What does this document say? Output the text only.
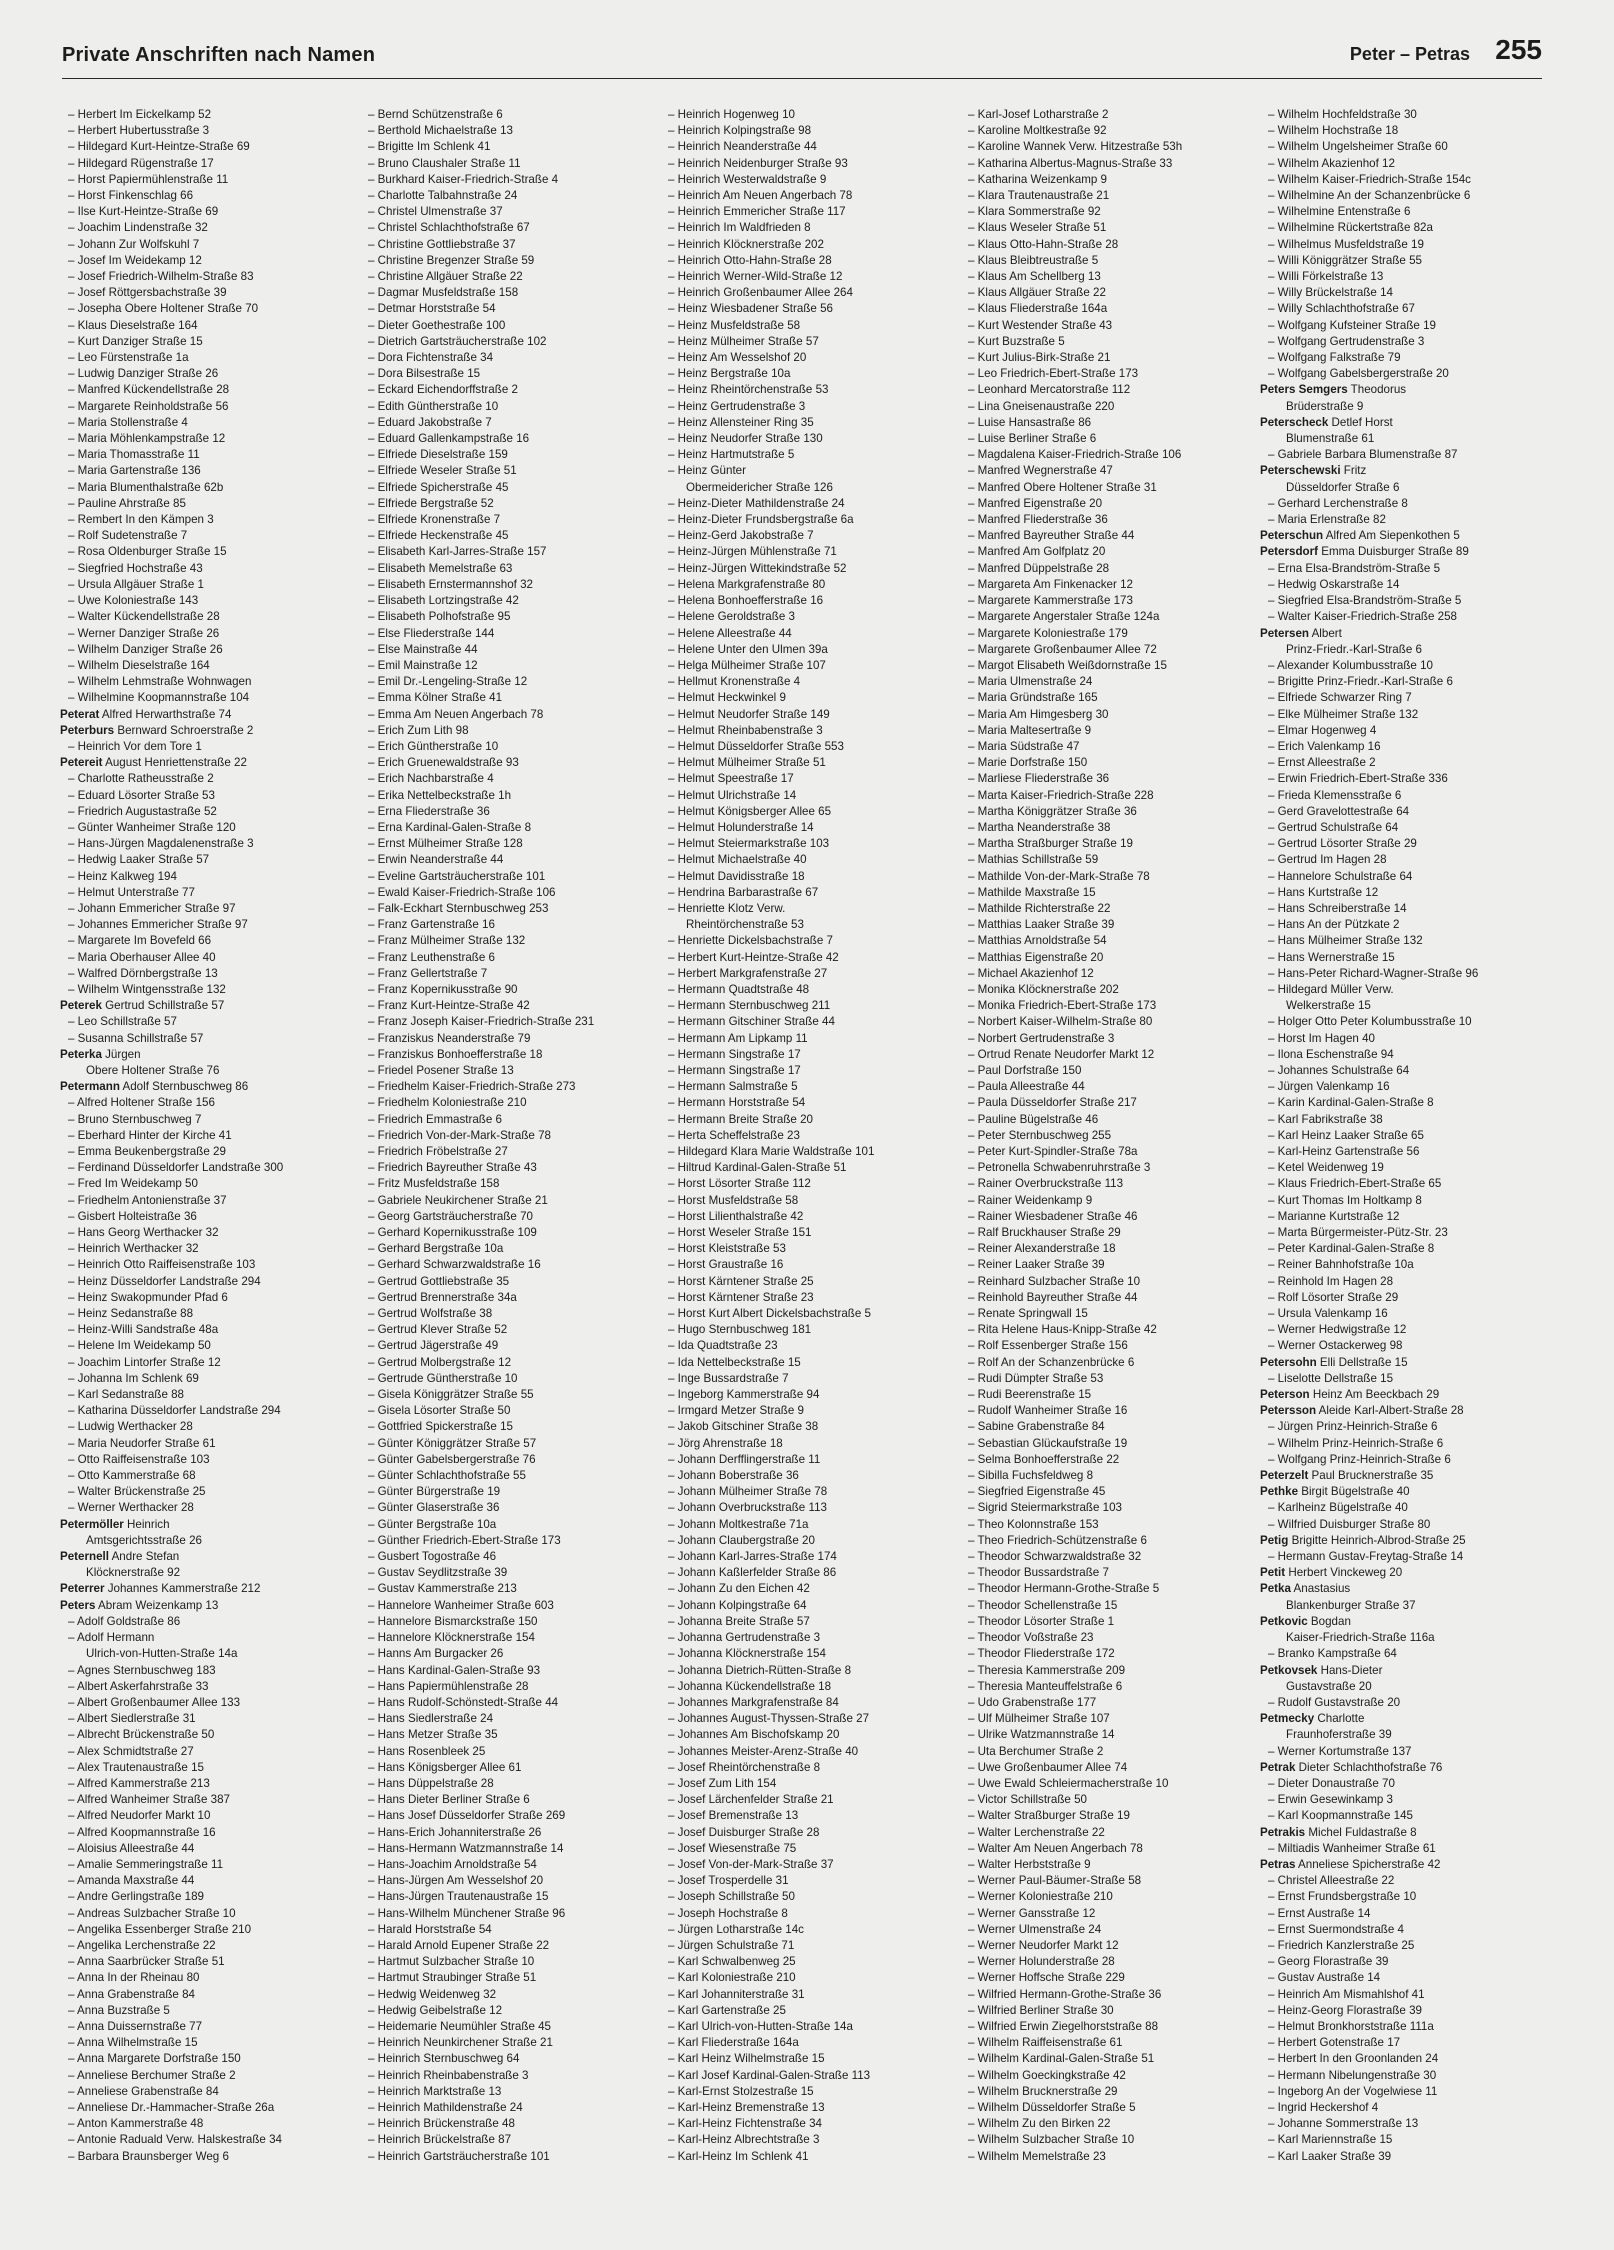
Private Anschriften nach Namen	Peter – Petras 255
– Herbert Im Eickelkamp 52
– Herbert Hubertusstraße 3
– Hildegard Kurt-Heintze-Straße 69
– Hildegard Rügenstraße 17
– Horst Papiermühlenstraße 11
– Horst Finkenschlag 66
– Ilse Kurt-Heintze-Straße 69
– Joachim Lindenstraße 32
– Johann Zur Wolfskuhl 7
– Josef Im Weidekamp 12
– Josef Friedrich-Wilhelm-Straße 83
– Josef Röttgersbachstraße 39
– Josepha Obere Holtener Straße 70
– Klaus Dieselstraße 164
– Kurt Danziger Straße 15
– Leo Fürstenstraße 1a
– Ludwig Danziger Straße 26
– Manfred Kückendellstraße 28
– Margarete Reinholdstraße 56
– Maria Stollenstraße 4
– Maria Möhlenkampstraße 12
– Maria Thomasstraße 11
– Maria Gartenstraße 136
– Maria Blumenthalstraße 62b
– Pauline Ahrstraße 85
– Rembert In den Kämpen 3
– Rolf Sudetenstraße 7
– Rosa Oldenburger Straße 15
– Siegfried Hochstraße 43
– Ursula Allgäuer Straße 1
– Uwe Koloniestraße 143
– Walter Kückendellstraße 28
– Werner Danziger Straße 26
– Wilhelm Danziger Straße 26
– Wilhelm Dieselstraße 164
– Wilhelm Lehmstraße Wohnwagen
– Wilhelmine Koopmannstraße 104
Peterat Alfred Herwarthstraße 74
Peterburs Bernward Schroerstraße 2
– Heinrich Vor dem Tore 1
Petereit August Henriettenstraße 22
– Charlotte Ratheusstraße 2
– Eduard Lösorter Straße 53
– Friedrich Augustastraße 52
– Günter Wanheimer Straße 120
– Hans-Jürgen Magdalenenstraße 3
– Hedwig Laaker Straße 57
– Heinz Kalkweg 194
– Helmut Unterstraße 77
– Johann Emmericher Straße 97
– Johannes Emmericher Straße 97
– Margarete Im Bovefeld 66
– Maria Oberhauser Allee 40
– Walfred Dörnbergstraße 13
– Wilhelm Wintgensstraße 132
Peterek Gertrud Schillstraße 57
– Leo Schillstraße 57
– Susanna Schillstraße 57
Peterka Jürgen
Obere Holtener Straße 76
Petermann Adolf Sternbuschweg 86
– Alfred Holtener Straße 156
– Bruno Sternbuschweg 7
– Eberhard Hinter der Kirche 41
– Emma Beukenbergstraße 29
– Ferdinand Düsseldorfer Landstraße 300
– Fred Im Weidekamp 50
– Friedhelm Antonienstraße 37
– Gisbert Holteistraße 36
– Hans Georg Werthacker 32
– Heinrich Werthacker 32
– Heinrich Otto Raiffeisenstraße 103
– Heinz Düsseldorfer Landstraße 294
– Heinz Swakopmunder Pfad 6
– Heinz Sedanstraße 88
– Heinz-Willi Sandstraße 48a
– Helene Im Weidekamp 50
– Joachim Lintorfer Straße 12
– Johanna Im Schlenk 69
– Karl Sedanstraße 88
– Katharina Düsseldorfer Landstraße 294
– Ludwig Werthacker 28
– Maria Neudorfer Straße 61
– Otto Raiffeisenstraße 103
– Otto Kammerstraße 68
– Walter Brückenstraße 25
– Werner Werthacker 28
Petermöller Heinrich
Amtsgerichtsstraße 26
Peternell Andre Stefan
Klöcknerstraße 92
Peterrer Johannes Kammerstraße 212
Peters Abram Weizenkamp 13
– Adolf Goldstraße 86
– Adolf Hermann
Ulrich-von-Hutten-Straße 14a
– Agnes Sternbuschweg 183
– Albert Askerfahrstraße 33
– Albert Großenbaumer Allee 133
– Albert Siedlerstraße 31
– Albrecht Brückenstraße 50
– Alex Schmidtstraße 27
– Alex Trautenaustraße 15
– Alfred Kammerstraße 213
– Alfred Wanheimer Straße 387
– Alfred Neudorfer Markt 10
– Alfred Koopmannstraße 16
– Aloisius Alleestraße 44
– Amalie Semmeringstraße 11
– Amanda Maxstraße 44
– Andre Gerlingstraße 189
– Andreas Sulzbacher Straße 10
– Angelika Essenberger Straße 210
– Angelika Lerchenstraße 22
– Anna Saarbrücker Straße 51
– Anna In der Rheinau 80
– Anna Grabenstraße 84
– Anna Buzstraße 5
– Anna Duissernstraße 77
– Anna Wilhelmstraße 15
– Anna Margarete Dorfstraße 150
– Anneliese Berchumer Straße 2
– Anneliese Grabenstraße 84
– Anneliese Dr.-Hammacher-Straße 26a
– Anton Kammerstraße 48
– Antonie Raduald Verw. Halskestraße 34
– Barbara Braunsberger Weg 6
– Bernd Schützenstraße 6
– Berthold Michaelstraße 13
– Brigitte Im Schlenk 41
– Bruno Claushaler Straße 11
– Burkhard Kaiser-Friedrich-Straße 4
– Charlotte Talbahnstraße 24
– Christel Ulmenstraße 37
– Christel Schlachthofstraße 67
– Christine Gottliebstraße 37
– Christine Bregenzer Straße 59
– Christine Allgäuer Straße 22
– Dagmar Musfeldstraße 158
– Detmar Horststraße 54
– Dieter Goethestraße 100
– Dietrich Gartsträucherstraße 102
– Dora Fichtenstraße 34
– Dora Bilsestraße 15
– Eckard Eichendorffstraße 2
– Edith Güntherstraße 10
– Eduard Jakobstraße 7
– Eduard Gallenkampstraße 16
– Elfriede Dieselstraße 159
– Elfriede Weseler Straße 51
– Elfriede Spicherstraße 45
– Elfriede Bergstraße 52
– Elfriede Kronenstraße 7
– Elfriede Heckenstraße 45
– Elisabeth Karl-Jarres-Straße 157
– Elisabeth Memelstraße 63
– Elisabeth Ernstermannshof 32
– Elisabeth Lortzingstraße 42
– Elisabeth Polhofstraße 95
– Else Fliederstraße 144
– Else Mainstraße 44
– Emil Mainstraße 12
– Emil Dr.-Lengeling-Straße 12
– Emma Kölner Straße 41
– Emma Am Neuen Angerbach 78
– Erich Zum Lith 98
– Erich Güntherstraße 10
– Erich Gruenewaldstraße 93
– Erich Nachbarstraße 4
– Erika Nettelbeckstraße 1h
– Erna Fliederstraße 36
– Erna Kardinal-Galen-Straße 8
– Ernst Mülheimer Straße 128
– Erwin Neanderstraße 44
– Eveline Gartsträucherstraße 101
– Ewald Kaiser-Friedrich-Straße 106
– Falk-Eckhart Sternbuschweg 253
– Franz Gartenstraße 16
– Franz Mülheimer Straße 132
– Franz Leuthenstraße 6
– Franz Gellertstraße 7
– Franz Kopernikusstraße 90
– Franz Kurt-Heintze-Straße 42
– Franz Joseph Kaiser-Friedrich-Straße 231
– Franziskus Neanderstraße 79
– Franziskus Bonhoefferstraße 18
– Friedel Posener Straße 13
– Friedhelm Kaiser-Friedrich-Straße 273
– Friedhelm Koloniestraße 210
– Friedrich Emmastraße 6
– Friedrich Von-der-Mark-Straße 78
– Friedrich Fröbelstraße 27
– Friedrich Bayreuther Straße 43
– Fritz Musfeldstraße 158
– Gabriele Neukirchener Straße 21
– Georg Gartsträucherstraße 70
– Gerhard Kopernikusstraße 109
– Gerhard Bergstraße 10a
– Gerhard Schwarzwaldstraße 16
– Gertrud Gottliebstraße 35
– Gertrud Brennerstraße 34a
– Gertrud Wolfstraße 38
– Gertrud Klever Straße 52
– Gertrud Jägerstraße 49
– Gertrud Molbergstraße 12
– Gertrude Güntherstraße 10
– Gisela Königgrätzer Straße 55
– Gisela Lösorter Straße 50
– Gottfried Spickerstraße 15
– Günter Königgrätzer Straße 57
– Günter Gabelsbergerstraße 76
– Günter Schlachthofstraße 55
– Günter Bürgerstraße 19
– Günter Glaserstraße 36
– Günter Bergstraße 10a
– Günther Friedrich-Ebert-Straße 173
– Gusbert Togostraße 46
– Gustav Seydlitzstraße 39
– Gustav Kammerstraße 213
– Hannelore Wanheimer Straße 603
– Hannelore Bismarckstraße 150
– Hannelore Klöcknerstraße 154
– Hanns Am Burgacker 26
– Hans Kardinal-Galen-Straße 93
– Hans Papiermühlenstraße 28
– Hans Rudolf-Schönstedt-Straße 44
– Hans Siedlerstraße 24
– Hans Metzer Straße 35
– Hans Rosenbleek 25
– Hans Königsberger Allee 61
– Hans Düppelstraße 28
– Hans Dieter Berliner Straße 6
– Hans Josef Düsseldorfer Straße 269
– Hans-Erich Johanniterstraße 26
– Hans-Hermann Watzmannstraße 14
– Hans-Joachim Arnoldstraße 54
– Hans-Jürgen Am Wesselshof 20
– Hans-Jürgen Trautenaustraße 15
– Hans-Wilhelm Münchener Straße 96
– Harald Horststraße 54
– Harald Arnold Eupener Straße 22
– Hartmut Sulzbacher Straße 10
– Hartmut Straubinger Straße 51
– Hedwig Weidenweg 32
– Hedwig Geibelstraße 12
– Heidemarie Neumühler Straße 45
– Heinrich Neunkirchener Straße 21
– Heinrich Sternbuschweg 64
– Heinrich Rheinbabenstraße 3
– Heinrich Marktstraße 13
– Heinrich Mathildenstraße 24
– Heinrich Brückenstraße 48
– Heinrich Brückelstraße 87
– Heinrich Gartsträucherstraße 101
– Heinrich Hogenweg 10
– Heinrich Kolpingstraße 98
– Heinrich Neanderstraße 44
– Heinrich Neidenburger Straße 93
– Heinrich Westerwaldstraße 9
– Heinrich Am Neuen Angerbach 78
– Heinrich Emmericher Straße 117
– Heinrich Im Waldfrieden 8
– Heinrich Klöcknerstraße 202
– Heinrich Otto-Hahn-Straße 28
– Heinrich Werner-Wild-Straße 12
– Heinrich Großenbaumer Allee 264
– Heinz Wiesbadener Straße 56
– Heinz Musfeldstraße 58
– Heinz Mülheimer Straße 57
– Heinz Am Wesselshof 20
– Heinz Bergstraße 10a
– Heinz Rheintörchenstraße 53
– Heinz Gertrudenstraße 3
– Heinz Allensteiner Ring 35
– Heinz Neudorfer Straße 130
– Heinz Hartmutstraße 5
– Heinz Günter
Obermeidericher Straße 126
– Heinz-Dieter Mathildenstraße 24
– Heinz-Dieter Frundsbergstraße 6a
– Heinz-Gerd Jakobstraße 7
– Heinz-Jürgen Mühlenstraße 71
– Heinz-Jürgen Wittekindstraße 52
– Helena Markgrafenstraße 80
– Helena Bonhoefferstraße 16
– Helene Geroldstraße 3
– Helene Alleestraße 44
– Helene Unter den Ulmen 39a
– Helga Mülheimer Straße 107
– Hellmut Kronenstraße 4
– Helmut Heckwinkel 9
– Helmut Neudorfer Straße 149
– Helmut Rheinbabenstraße 3
– Helmut Düsseldorfer Straße 553
– Helmut Mülheimer Straße 51
– Helmut Speestraße 17
– Helmut Ulrichstraße 14
– Helmut Königsberger Allee 65
– Helmut Holunderstraße 14
– Helmut Steiermarkstraße 103
– Helmut Michaelstraße 40
– Helmut Davidisstraße 18
– Hendrina Barbarastraße 67
– Henriette Klotz Verw.
Rheintörchenstraße 53
– Henriette Dickelsbachstraße 7
– Herbert Kurt-Heintze-Straße 42
– Herbert Markgrafenstraße 27
– Hermann Quadtstraße 48
– Hermann Sternbuschweg 211
– Hermann Gitschiner Straße 44
– Hermann Am Lipkamp 11
– Hermann Singstraße 17
– Hermann Singstraße 17
– Hermann Salmstraße 5
– Hermann Horststraße 54
– Hermann Breite Straße 20
– Herta Scheffelstraße 23
– Hildegard Klara Marie Waldstraße 101
– Hiltrud Kardinal-Galen-Straße 51
– Horst Lösorter Straße 112
– Horst Musfeldstraße 58
– Horst Lilienthalstraße 42
– Horst Weseler Straße 151
– Horst Kleiststraße 53
– Horst Graustraße 16
– Horst Kärntener Straße 25
– Horst Kärntener Straße 23
– Horst Kurt Albert Dickelsbachstraße 5
– Hugo Sternbuschweg 181
– Ida Quadtstraße 23
– Ida Nettelbeckstraße 15
– Inge Bussardstraße 7
– Ingeborg Kammerstraße 94
– Irmgard Metzer Straße 9
– Jakob Gitschiner Straße 38
– Jörg Ahrenstraße 18
– Johann Derfflingerstraße 11
– Johann Boberstraße 36
– Johann Mülheimer Straße 78
– Johann Overbruckstraße 113
– Johann Moltkestraße 71a
– Johann Claubergstraße 20
– Johann Karl-Jarres-Straße 174
– Johann Kaßlerfelder Straße 86
– Johann Zu den Eichen 42
– Johann Kolpingstraße 64
– Johanna Breite Straße 57
– Johanna Gertrudenstraße 3
– Johanna Klöcknerstraße 154
– Johanna Dietrich-Rütten-Straße 8
– Johanna Kückendellstraße 18
– Johannes Markgrafenstraße 84
– Johannes August-Thyssen-Straße 27
– Johannes Am Bischofskamp 20
– Johannes Meister-Arenz-Straße 40
– Josef Rheintörchenstraße 8
– Josef Zum Lith 154
– Josef Lärchenfelder Straße 21
– Josef Bremenstraße 13
– Josef Duisburger Straße 28
– Josef Wiesenstraße 75
– Josef Von-der-Mark-Straße 37
– Josef Trosperdelle 31
– Joseph Schillstraße 50
– Joseph Hochstraße 8
– Jürgen Lotharstraße 14c
– Jürgen Schulstraße 71
– Karl Schwalbenweg 25
– Karl Koloniestraße 210
– Karl Johanniterstraße 31
– Karl Gartenstraße 25
– Karl Ulrich-von-Hutten-Straße 14a
– Karl Fliederstraße 164a
– Karl Heinz Wilhelmstraße 15
– Karl Josef Kardinal-Galen-Straße 113
– Karl-Ernst Stolzestraße 15
– Karl-Heinz Bremenstraße 13
– Karl-Heinz Fichtenstraße 34
– Karl-Heinz Albrechtstraße 3
– Karl-Heinz Im Schlenk 41
– Karl-Josef Lotharstraße 2
– Karoline Moltkestraße 92
– Karoline Wannek Verw. Hitzestraße 53h
– Katharina Albertus-Magnus-Straße 33
– Katharina Weizenkamp 9
– Klara Trautenaustraße 21
– Klara Sommerstraße 92
– Klaus Weseler Straße 51
– Klaus Otto-Hahn-Straße 28
– Klaus Bleibtreustraße 5
– Klaus Am Schellberg 13
– Klaus Allgäuer Straße 22
– Klaus Fliederstraße 164a
– Kurt Westender Straße 43
– Kurt Buzstraße 5
– Kurt Julius-Birk-Straße 21
– Leo Friedrich-Ebert-Straße 173
– Leonhard Mercatorstraße 112
– Lina Gneisenaustraße 220
– Luise Hansastraße 86
– Luise Berliner Straße 6
– Magdalena Kaiser-Friedrich-Straße 106
– Manfred Wegnerstraße 47
– Manfred Obere Holtener Straße 31
– Manfred Eigenstraße 20
– Manfred Fliederstraße 36
– Manfred Bayreuther Straße 44
– Manfred Am Golfplatz 20
– Manfred Düppelstraße 28
– Margareta Am Finkenacker 12
– Margarete Kammerstraße 173
– Margarete Angerstaler Straße 124a
– Margarete Koloniestraße 179
– Margarete Großenbaumer Allee 72
– Margot Elisabeth Weißdornstraße 15
– Maria Ulmenstraße 24
– Maria Gründstraße 165
– Maria Am Himgesberg 30
– Maria Maltesertraße 9
– Maria Südstraße 47
– Marie Dorfstraße 150
– Marliese Fliederstraße 36
– Marta Kaiser-Friedrich-Straße 228
– Martha Königgrätzer Straße 36
– Martha Neanderstraße 38
– Martha Straßburger Straße 19
– Mathias Schillstraße 59
– Mathilde Von-der-Mark-Straße 78
– Mathilde Maxstraße 15
– Mathilde Richterstraße 22
– Matthias Laaker Straße 39
– Matthias Arnoldstraße 54
– Matthias Eigenstraße 20
– Michael Akazienhof 12
– Monika Klöcknerstraße 202
– Monika Friedrich-Ebert-Straße 173
– Norbert Kaiser-Wilhelm-Straße 80
– Norbert Gertrudenstraße 3
– Ortrud Renate Neudorfer Markt 12
– Paul Dorfstraße 150
– Paula Alleestraße 44
– Paula Düsseldorfer Straße 217
– Pauline Bügelstraße 46
– Peter Sternbuschweg 255
– Peter Kurt-Spindler-Straße 78a
– Petronella Schwabenruhrstraße 3
– Rainer Overbruckstraße 113
– Rainer Weidenkamp 9
– Rainer Wiesbadener Straße 46
– Ralf Bruckhauser Straße 29
– Reiner Alexanderstraße 18
– Reiner Laaker Straße 39
– Reinhard Sulzbacher Straße 10
– Reinhold Bayreuther Straße 44
– Renate Springwall 15
– Rita Helene Haus-Knipp-Straße 42
– Rolf Essenberger Straße 156
– Rolf An der Schanzenbrücke 6
– Rudi Dümpter Straße 53
– Rudi Beerenstraße 15
– Rudolf Wanheimer Straße 16
– Sabine Grabenstraße 84
– Sebastian Glückaufstraße 19
– Selma Bonhoefferstraße 22
– Sibilla Fuchsfeldweg 8
– Siegfried Eigenstraße 45
– Sigrid Steiermarkstraße 103
– Theo Kolonnstraße 153
– Theo Friedrich-Schützenstraße 6
– Theodor Schwarzwaldstraße 32
– Theodor Bussardstraße 7
– Theodor Hermann-Grothe-Straße 5
– Theodor Schellenstraße 15
– Theodor Lösorter Straße 1
– Theodor Voßstraße 23
– Theodor Fliederstraße 172
– Theresia Kammerstraße 209
– Theresia Manteuffelstraße 6
– Udo Grabenstraße 177
– Ulf Mülheimer Straße 107
– Ulrike Watzmannstraße 14
– Uta Berchumer Straße 2
– Uwe Großenbaumer Allee 74
– Uwe Ewald Schleiermacherstraße 10
– Victor Schillstraße 50
– Walter Straßburger Straße 19
– Walter Lerchenstraße 22
– Walter Am Neuen Angerbach 78
– Walter Herbststraße 9
– Werner Paul-Bäumer-Straße 58
– Werner Koloniestraße 210
– Werner Gansstraße 12
– Werner Ulmenstraße 24
– Werner Neudorfer Markt 12
– Werner Holunderstraße 28
– Werner Hoffsche Straße 229
– Wilfried Hermann-Grothe-Straße 36
– Wilfried Berliner Straße 30
– Wilfried Erwin Ziegelhorststraße 88
– Wilhelm Raiffeisenstraße 61
– Wilhelm Kardinal-Galen-Straße 51
– Wilhelm Goeckingkstraße 42
– Wilhelm Brucknerstraße 29
– Wilhelm Düsseldorfer Straße 5
– Wilhelm Zu den Birken 22
– Wilhelm Sulzbacher Straße 10
– Wilhelm Memelstraße 23
– Wilhelm Hochfeldstraße 30
– Wilhelm Hochstraße 18
– Wilhelm Ungelsheimer Straße 60
– Wilhelm Akazienhof 12
– Wilhelm Kaiser-Friedrich-Straße 154c
– Wilhelmine An der Schanzenbrücke 6
– Wilhelmine Entenstraße 6
– Wilhelmine Rückertstraße 82a
– Wilhelmus Musfeldstraße 19
– Willi Königgrätzer Straße 55
– Willi Förkelstraße 13
– Willy Brückelstraße 14
– Willy Schlachthofstraße 67
– Wolfgang Kufsteiner Straße 19
– Wolfgang Gertrudenstraße 3
– Wolfgang Falkstraße 79
– Wolfgang Gabelsbergerstraße 20
Peters Semgers Theodorus
Brüderstraße 9
Peterscheck Detlef Horst
Blumenstraße 61
– Gabriele Barbara Blumenstraße 87
Peterschewski Fritz
Düsseldorfer Straße 6
– Gerhard Lerchenstraße 8
– Maria Erlenstraße 82
Peterschun Alfred Am Siepenkothen 5
Petersdorf Emma Duisburger Straße 89
– Erna Elsa-Brandström-Straße 5
– Hedwig Oskarstraße 14
– Siegfried Elsa-Brandström-Straße 5
– Walter Kaiser-Friedrich-Straße 258
Petersen Albert
Prinz-Friedr.-Karl-Straße 6
– Alexander Kolumbusstraße 10
– Brigitte Prinz-Friedr.-Karl-Straße 6
– Elfriede Schwarzer Ring 7
– Elke Mülheimer Straße 132
– Elmar Hogenweg 4
– Erich Valenkamp 16
– Ernst Alleestraße 2
– Erwin Friedrich-Ebert-Straße 336
– Frieda Klemensstraße 6
– Gerd Gravelottestraße 64
– Gertrud Schulstraße 64
– Gertrud Lösorter Straße 29
– Gertrud Im Hagen 28
– Hannelore Schulstraße 64
– Hans Kurtstraße 12
– Hans Schreiberstraße 14
– Hans An der Pützkate 2
– Hans Mülheimer Straße 132
– Hans Wernerstraße 15
– Hans-Peter Richard-Wagner-Straße 96
– Hildegard Müller Verw.
Welkerstraße 15
– Holger Otto Peter Kolumbusstraße 10
– Horst Im Hagen 40
– Ilona Eschenstraße 94
– Johannes Schulstraße 64
– Jürgen Valenkamp 16
– Karin Kardinal-Galen-Straße 8
– Karl Fabrikstraße 38
– Karl Heinz Laaker Straße 65
– Karl-Heinz Gartenstraße 56
– Ketel Weidenweg 19
– Klaus Friedrich-Ebert-Straße 65
– Kurt Thomas Im Holtkamp 8
– Marianne Kurtstraße 12
– Marta Bürgermeister-Pütz-Str. 23
– Peter Kardinal-Galen-Straße 8
– Reiner Bahnhofstraße 10a
– Reinhold Im Hagen 28
– Rolf Lösorter Straße 29
– Ursula Valenkamp 16
– Werner Hedwigstraße 12
– Werner Ostackerweg 98
Petersohn Elli Dellstraße 15
– Liselotte Dellstraße 15
Peterson Heinz Am Beeckbach 29
Petersson Aleide Karl-Albert-Straße 28
– Jürgen Prinz-Heinrich-Straße 6
– Wilhelm Prinz-Heinrich-Straße 6
– Wolfgang Prinz-Heinrich-Straße 6
Peterzelt Paul Brucknerstraße 35
Pethke Birgit Bügelstraße 40
– Karlheinz Bügelstraße 40
– Wilfried Duisburger Straße 80
Petig Brigitte Heinrich-Albrod-Straße 25
– Hermann Gustav-Freytag-Straße 14
Petit Herbert Vinckeweg 20
Petka Anastasius
Blankenburger Straße 37
Petkovic Bogdan
Kaiser-Friedrich-Straße 116a
– Branko Kampstraße 64
Petkovsek Hans-Dieter
Gustavstraße 20
– Rudolf Gustavstraße 20
Petmecky Charlotte
Fraunhoferstraße 39
– Werner Kortumstraße 137
Petrak Dieter Schlachthofstraße 76
– Dieter Donaustraße 70
– Erwin Gesewinkamp 3
– Karl Koopmannstraße 145
Petrakis Michel Fuldastraße 8
– Miltiadis Wanheimer Straße 61
Petras Anneliese Spicherstraße 42
– Christel Alleestraße 22
– Ernst Frundsbergstraße 10
– Ernst Austraße 14
– Ernst Suermondstraße 4
– Friedrich Kanzlerstraße 25
– Georg Florastraße 39
– Gustav Austraße 14
– Heinrich Am Mismahlshof 41
– Heinz-Georg Florastraße 39
– Helmut Bronkhorststraße 111a
– Herbert Gotenstraße 17
– Herbert In den Groonlanden 24
– Hermann Nibelungenstraße 30
– Ingeborg An der Vogelwiese 11
– Ingrid Heckershof 4
– Johanne Sommerstraße 13
– Karl Mariennstraße 15
– Karl Laaker Straße 39
